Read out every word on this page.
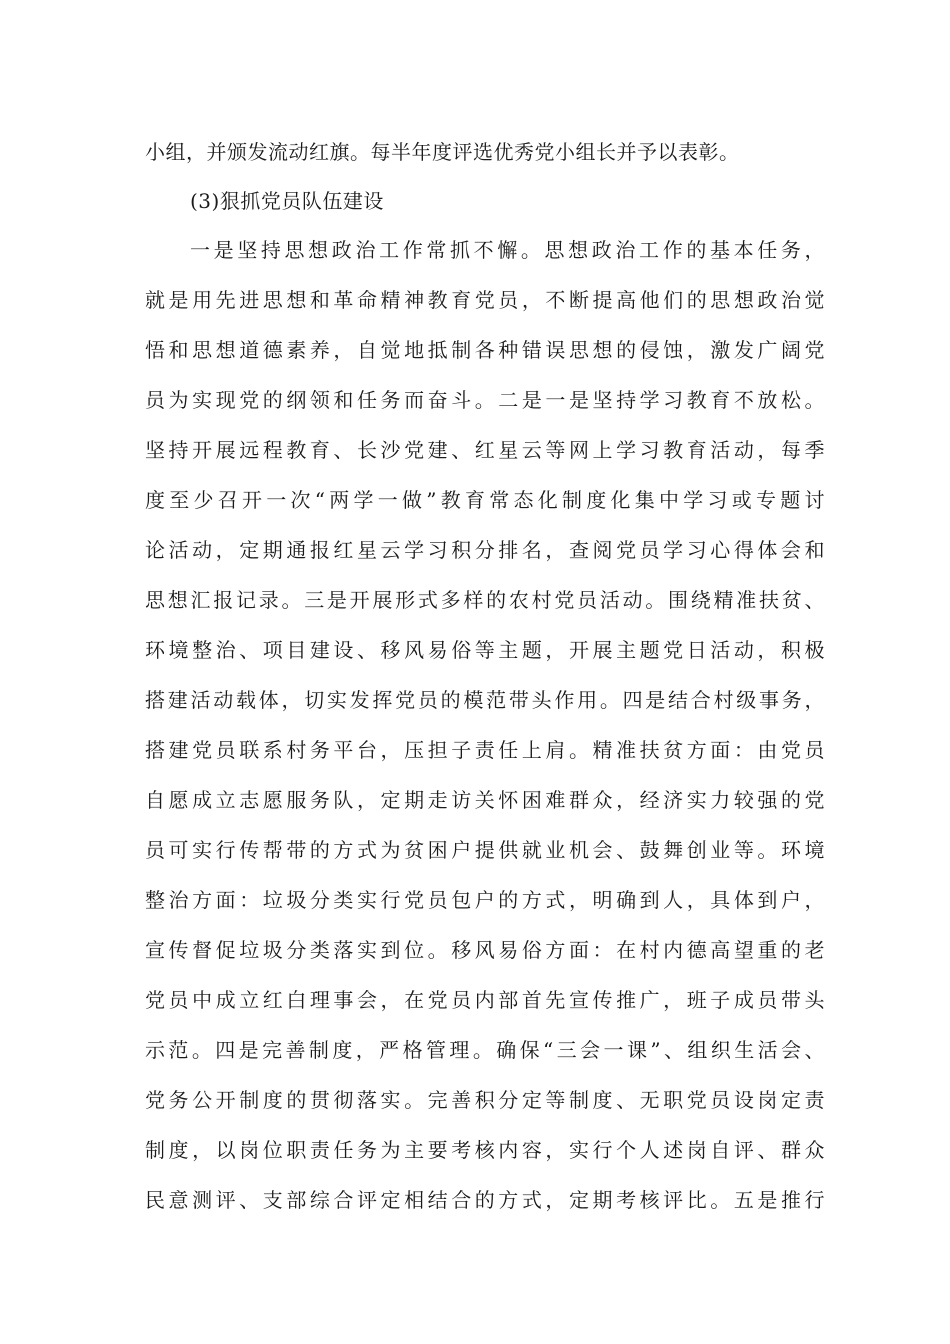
小组，并颁发流动红旗。每半年度评选优秀党小组长并予以表彰。
(3)狠抓党员队伍建设
一是坚持思想政治工作常抓不懈。思想政治工作的基本任务，
就是用先进思想和革命精神教育党员，不断提高他们的思想政治觉
悟和思想道德素养，自觉地抵制各种错误思想的侵蚀，激发广阔党
员为实现党的纲领和任务而奋斗。二是一是坚持学习教育不放松。
坚持开展远程教育、长沙党建、红星云等网上学习教育活动，每季
度至少召开一次“两学一做”教育常态化制度化集中学习或专题讨
论活动，定期通报红星云学习积分排名，查阅党员学习心得体会和
思想汇报记录。三是开展形式多样的农村党员活动。围绕精准扶贫、
环境整治、项目建设、移风易俗等主题，开展主题党日活动，积极
搭建活动载体，切实发挥党员的模范带头作用。四是结合村级事务，
搭建党员联系村务平台，压担子责任上肩。精准扶贫方面：由党员
自愿成立志愿服务队，定期走访关怀困难群众，经济实力较强的党
员可实行传帮带的方式为贫困户提供就业机会、鼓舞创业等。环境
整治方面：垃圾分类实行党员包户的方式，明确到人，具体到户，
宣传督促垃圾分类落实到位。移风易俗方面：在村内德高望重的老
党员中成立红白理事会，在党员内部首先宣传推广，班子成员带头
示范。四是完善制度，严格管理。确保“三会一课”、组织生活会、
党务公开制度的贯彻落实。完善积分定等制度、无职党员设岗定责
制度，以岗位职责任务为主要考核内容，实行个人述岗自评、群众
民意测评、支部综合评定相结合的方式，定期考核评比。五是推行
